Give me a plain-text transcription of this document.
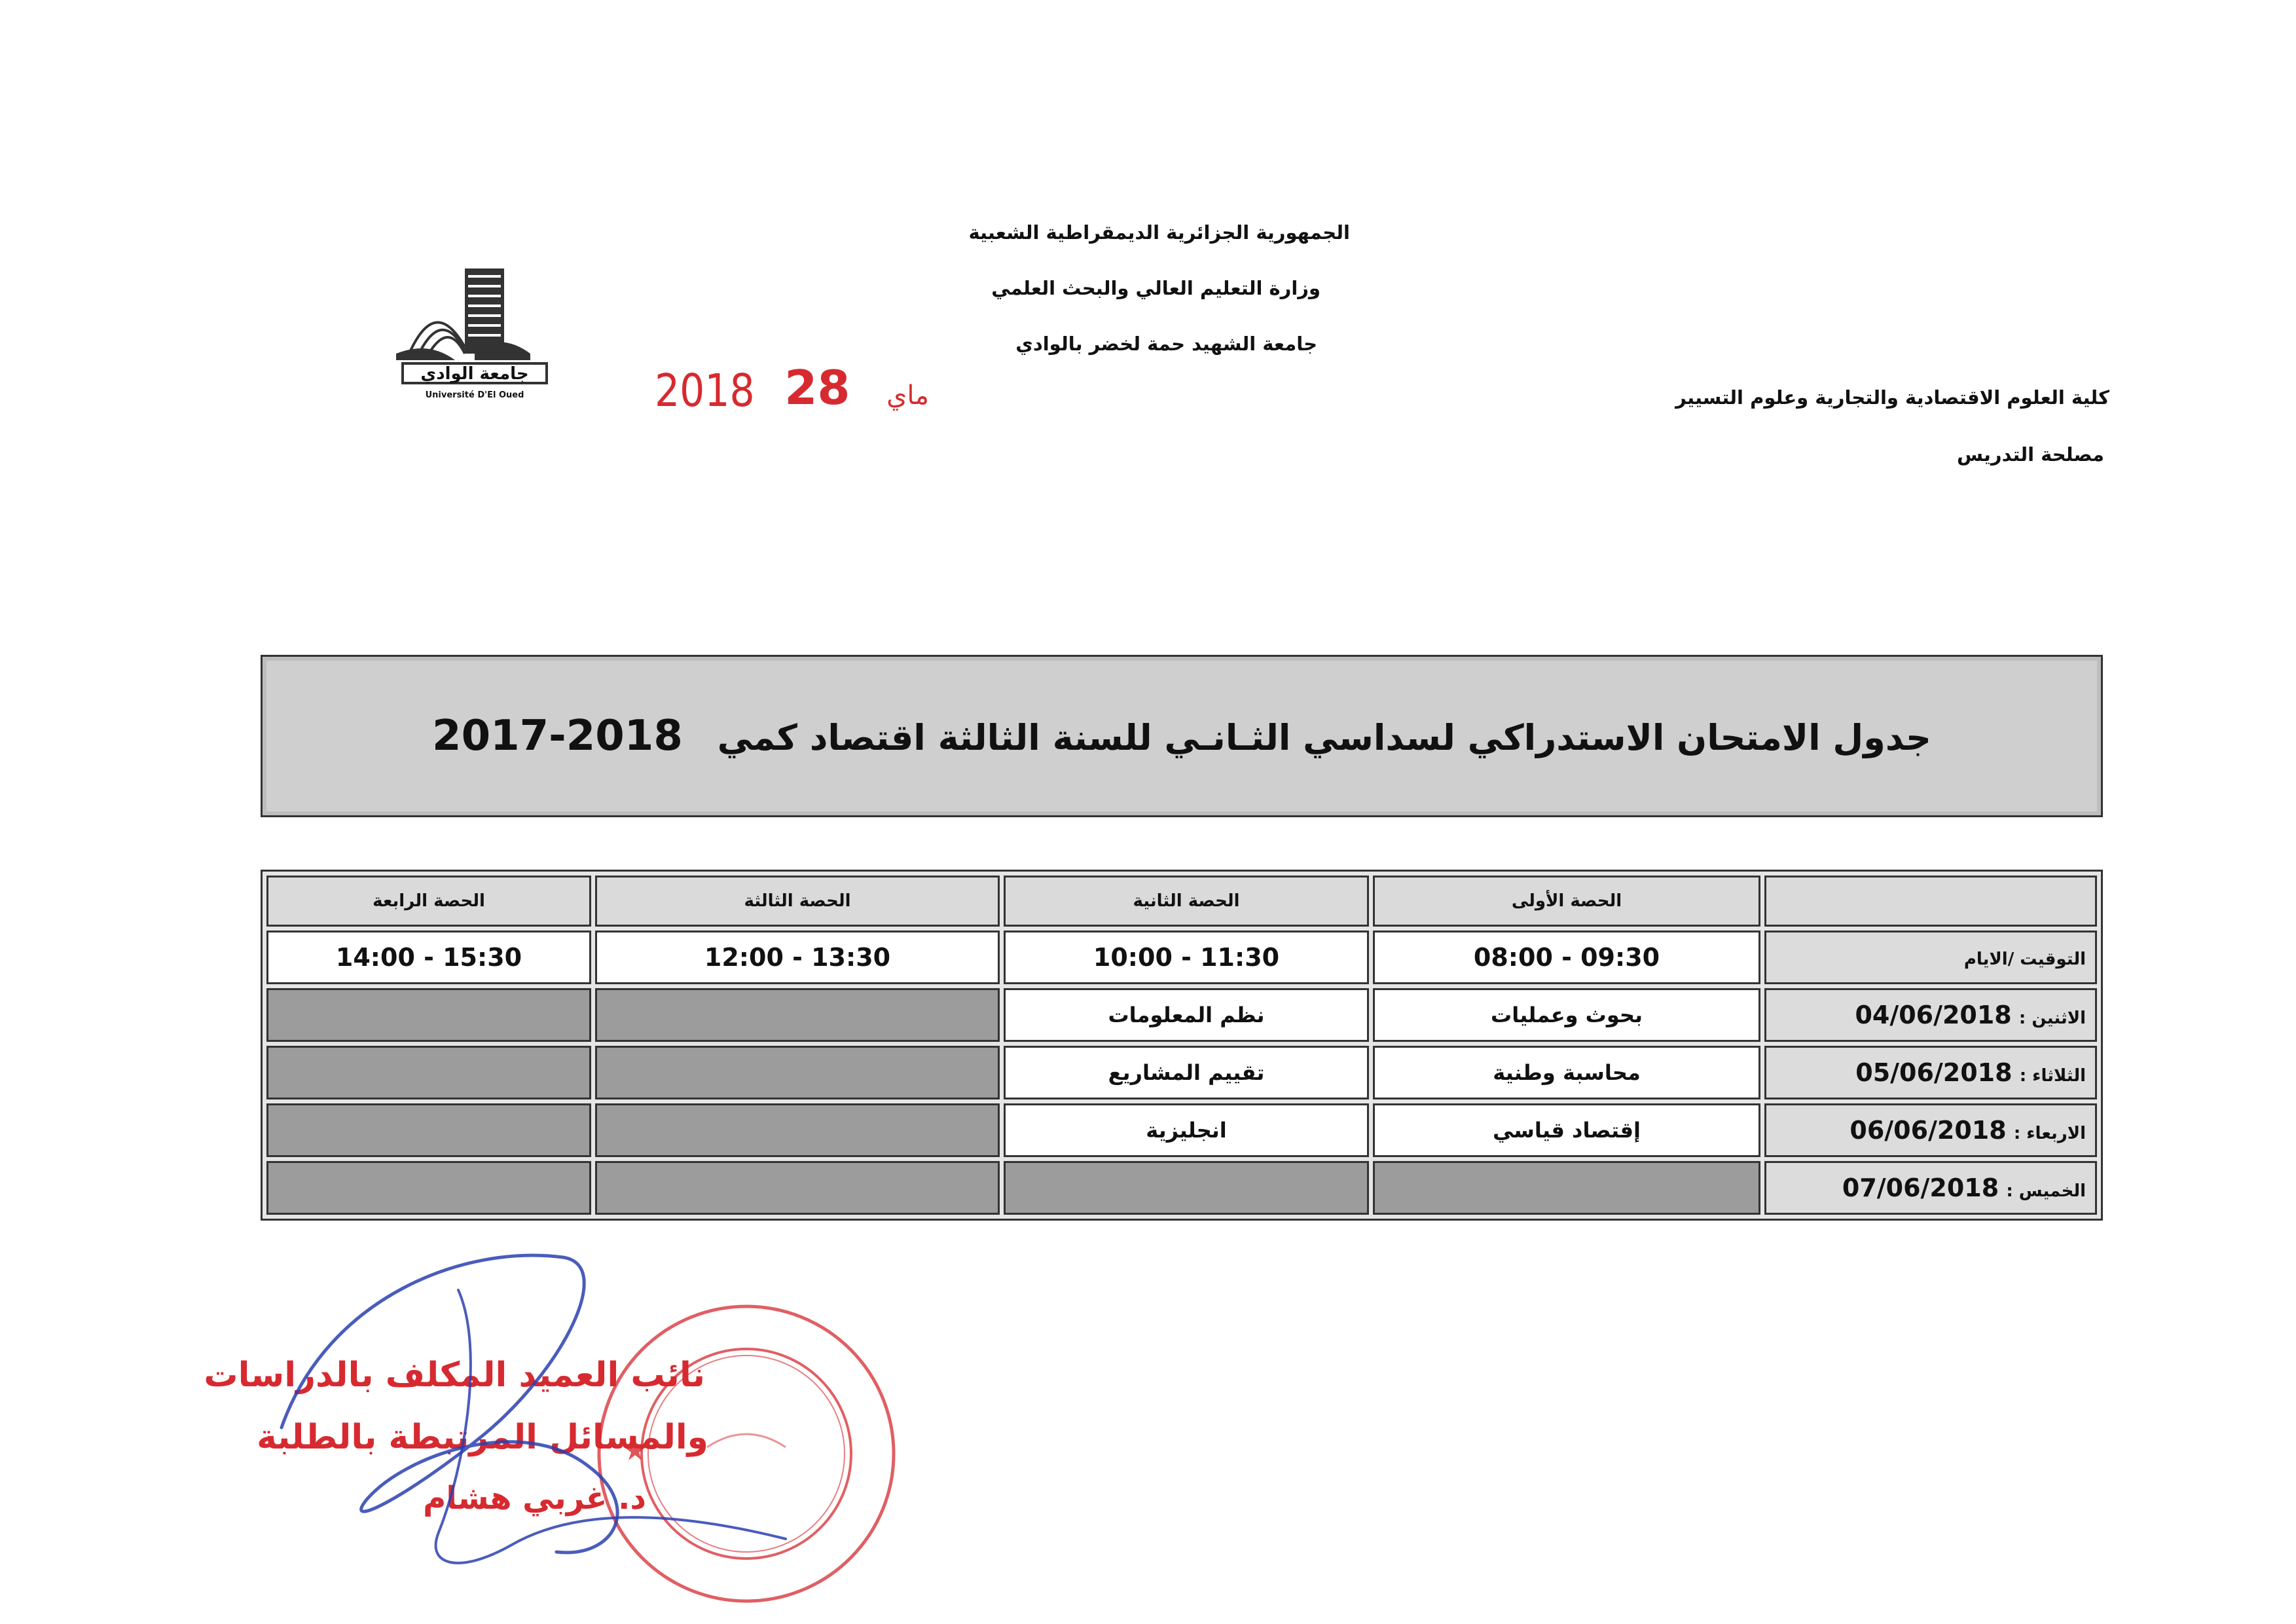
الجمهورية الجزائرية الديمقراطية الشعبية
وزارة التعليم العالي والبحث العلمي
جامعة الشهيد حمة لخضر بالوادي
كلية العلوم الاقتصادية والتجارية وعلوم التسيير
مصلحة التدريس
جامعة الوادي
Université D'El Oued	2018	ماي 28
جدول الامتحان الاستدراكي لسداسي الثـانـي للسنة الثالثة اقتصاد كمي 2017-2018
	الحصة الأولى	الحصة الثانية	الحصة الثالثة	الحصة الرابعة
التوقيت /الايام	08:00 - 09:30	10:00 - 11:30	12:00 - 13:30	14:00 - 15:30
الاثنين : 04/06/2018	بحوث وعمليات	نظم المعلومات		
الثلاثاء : 05/06/2018	محاسبة وطنية	تقييم المشاريع		
الاربعاء : 06/06/2018	إقتصاد قياسي	انجليزية		
الخميس : 07/06/2018				
نائب العميد المكلف بالدراسات
والمسائل المرتبطة بالطلبة
د. غربي هشام
